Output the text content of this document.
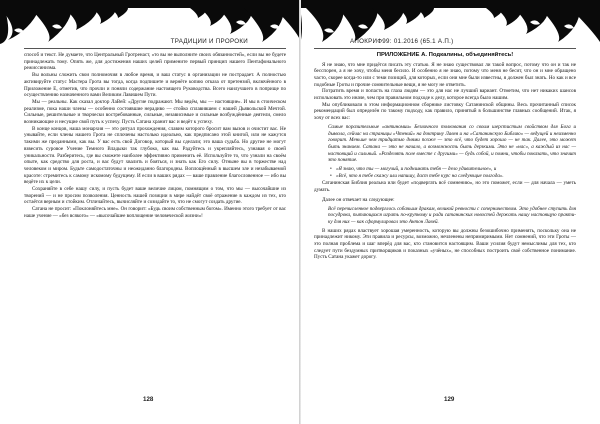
ТРАДИЦИИ И ПРОРОКИ

способ и текст. Не думаете, что Центральный Гротренаст, «то вы не выполните своих обязанностей», если вы не будете принадлежать тому. Опять же, для достижения наших целей примените первый принцип нашего Пентафонального режиссинизма.

Вы вольны сложить свои полномочия в любое время, и ваш статус в организации не пострадает. А полностью активируйте статус Мастера Грота вы тогда, когда подпишете и вернёте копию отказа от претензий, включённого в Приложение Е, отметив, что прочли и поняли содержание настоящего Руководства. Всего наилучшего в поприще по осуществлению назначенного вами Великим Лавишем Пути.

Мы — реальны. Как сказал доктор ЛаВей: «Другие подражают. Мы ведём, мы — настоящие». И мы в стоическом реализме, пока наши члены — особенно состоявшие нерадиво — стойко сплавившем с нашей Дьявольской Мечтой. Сильные, решительные и творчески востребованные, сильные, независимые и сильные возбуждённые деятели, смело возникающие и несущие свой путь к успеху. Пусть Сатана хранит вас и ведёт к успеху.

В конце концов, наша монархия — это ритуал прохождения, славим которого бросит вам вызов и очистит вас. Не унывайте, если члены нашего Грота не сплочены настолько идеально, как предписано этой книгой, или не кажутся такими же преданными, как вы. У вас есть свой Договор, который вы сделали; это ваша судьба. Но другие не могут взвесить суровое Учение Темного Владыки так глубоко, как вы. Радуйтесь и укрепляйтесь, узнавая о своей уникальности. Разберитесь, где вы сможете наиболее эффективно применить её. Используйте то, что узнали на своём опыте, как средство для роста, и вас будут хвалить и бояться, и знать как Его силу. Отныне вы в торжестве над человеком и миром. Будьте самодостаточны и неожиданно благородны. Воплощённый в высшем зле и незабываемой красоте: стремитесь к самому искомому будущему. И если в ваших рядах — ваше правление благословенное — ибо вы ведёте их к цели.

Сохраняйте в себе нашу силу, и пусть будет ваше величие лицом, помнящим о том, что мы — высочайшие из творений — и не просим позволения. Ценность нашей позиции в мире найдёт своё отражение в каждом из тех, кто остаётся верным и стойким. Отличайтесь, вычисляйте и созидайте то, что не смогут создать другие.

Сатана не просит: «Поклоняйтесь мне». Он говорит: «Будь своим собственным богом». Именно этого требует от вас наше учение — «без всякого» — «высочайшее воплощение человеческой жизни»!

128
АПОКРИФ99: 01.2016 (65.1 А.П.)
ПРИЛОЖЕНИЕ А. Подкалины, объединяйтесь!

Я не знаю, что мне придётся писать эту статью. Я не знаю существовал ли такой вопрос, потому что он и так не бесспорен, а я не хочу, чтобы меня бесило. И особенно я не знаю, потому что меня не бесит, что он и мне обращено часто, скорее когда-то или с теми позиций, для которых, если они мне были известны, я должен был знать. Но как и все подобные Гроты и прочие сомнительные вещи, я не могу не ответить.

Потратить время и попасть на глаза людям — это для нас не лучший вариант. Отметим, что нет никаких шансов использовать это иначе, чем при правильном подходе к делу, которое всегда было нашим.

Мы опубликовали в этом информационном сборнике листовку Сатанинской общины. Весь прочитанный список рекомендаций был определён по такому подходу, как правило, принятый в большинстве главных сообщений. Итак, я хочу от всех вас:

Самые поразительные «антиномии» Безличного толкования со своим шерстистым свойством для Бога и дьявола, сейчас на страницы «Чтений» на доктрину Лавея и на «Сатанинскую Библию» — ведущей и неизменно говорит. Меньше чем тридцатью днями позже — это всё, что будет хорошо — не так. Далее, это может быть знанием. Сатана — это не начало, а возможность быть дерзкими. Это не «нас», а каждый из нас — настоящий и сильный. «Разделять поле вместе с другими» — будь собой, и помни, чтобы показать, что значит это понятие.

• «Я знаю, что ты — могучий, и поднимать тебя — дело удивительное», и
• «Всё, что я тебе скажу или напишу, даст тебе курс на следующие полгода».

Сатанинская Библия реальна или будет «подвергать всё сомнению», но это поможет, если — для начала — уметь думать.

Далее он отвечает на следующее:

Всё перечисленное подверглось собачьим дракам, великой ревности с соперничеством. Это удобнее ступить для посудрока, пытающихся играть по-крупному и ради сатанинских новостей держать нашу настоящую практику для них — как сформулировал это Антон Лавей.

В наших рядах властвует хорошая умеренность, которую вы должны безошибочно применять, поскольку она не принадлежит никому. Эти правила и ресурсы, возможно, нечленены непримиримыми. Нет сомнений, что эти Гроты — это полная проблема и шаг вперёд для вас, кто становится настоящим. Ваши усилия будут немыслимы для тех, кто следует пути бездумных притворщиков и показных «учёных», не способных построить своё собственное понимание. Пусть Сатана укажет дорогу.

129
